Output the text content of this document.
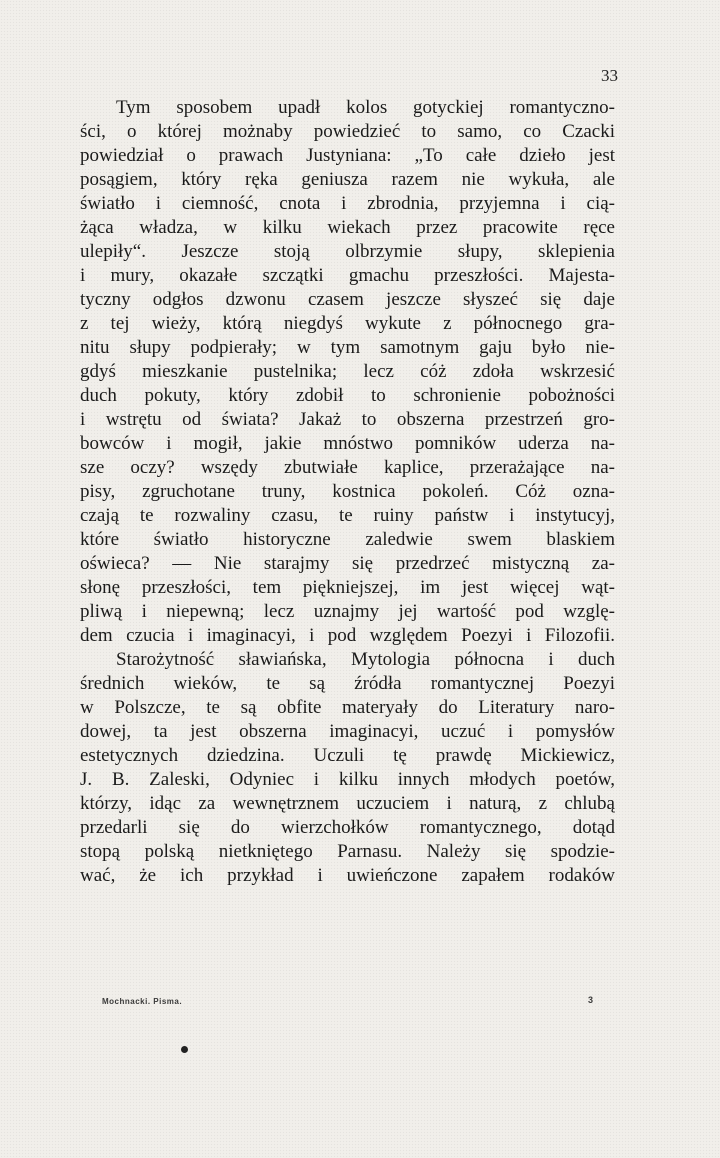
33
Tym sposobem upadł kolos gotyckiej romantyczno-
ści, o której możnaby powiedzieć to samo, co Czacki
powiedział o prawach Justyniana: „To całe dzieło jest
posągiem, który ręka geniusza razem nie wykuła, ale
światło i ciemność, cnota i zbrodnia, przyjemna i cią-
żąca władza, w kilku wiekach przez pracowite ręce
ulepiły“. Jeszcze stoją olbrzymie słupy, sklepienia
i mury, okazałe szczątki gmachu przeszłości. Majesta-
tyczny odgłos dzwonu czasem jeszcze słyszeć się daje
z tej wieży, którą niegdyś wykute z północnego gra-
nitu słupy podpierały; w tym samotnym gaju było nie-
gdyś mieszkanie pustelnika; lecz cóż zdoła wskrzesić
duch pokuty, który zdobił to schronienie pobożności
i wstrętu od świata? Jakaż to obszerna przestrzeń gro-
bowców i mogił, jakie mnóstwo pomników uderza na-
sze oczy? wszędy zbutwiałe kaplice, przerażające na-
pisy, zgruchotane truny, kostnica pokoleń. Cóż ozna-
czają te rozwaliny czasu, te ruiny państw i instytucyj,
które światło historyczne zaledwie swem blaskiem
oświeca? — Nie starajmy się przedrzeć mistyczną za-
słonę przeszłości, tem piękniejszej, im jest więcej wąt-
pliwą i niepewną; lecz uznajmy jej wartość pod wzglę-
dem czucia i imaginacyi, i pod względem Poezyi i Filozofii.
Starożytność sławiańska, Mytologia północna i duch
średnich wieków, te są źródła romantycznej Poezyi
w Polszcze, te są obfite materyały do Literatury naro-
dowej, ta jest obszerna imaginacyi, uczuć i pomysłów
estetycznych dziedzina. Uczuli tę prawdę Mickiewicz,
J. B. Zaleski, Odyniec i kilku innych młodych poetów,
którzy, idąc za wewnętrznem uczuciem i naturą, z chlubą
przedarli się do wierzchołków romantycznego, dotąd
stopą polską nietkniętego Parnasu. Należy się spodzie-
wać, że ich przykład i uwieńczone zapałem rodaków
Mochnacki. Pisma.	3
